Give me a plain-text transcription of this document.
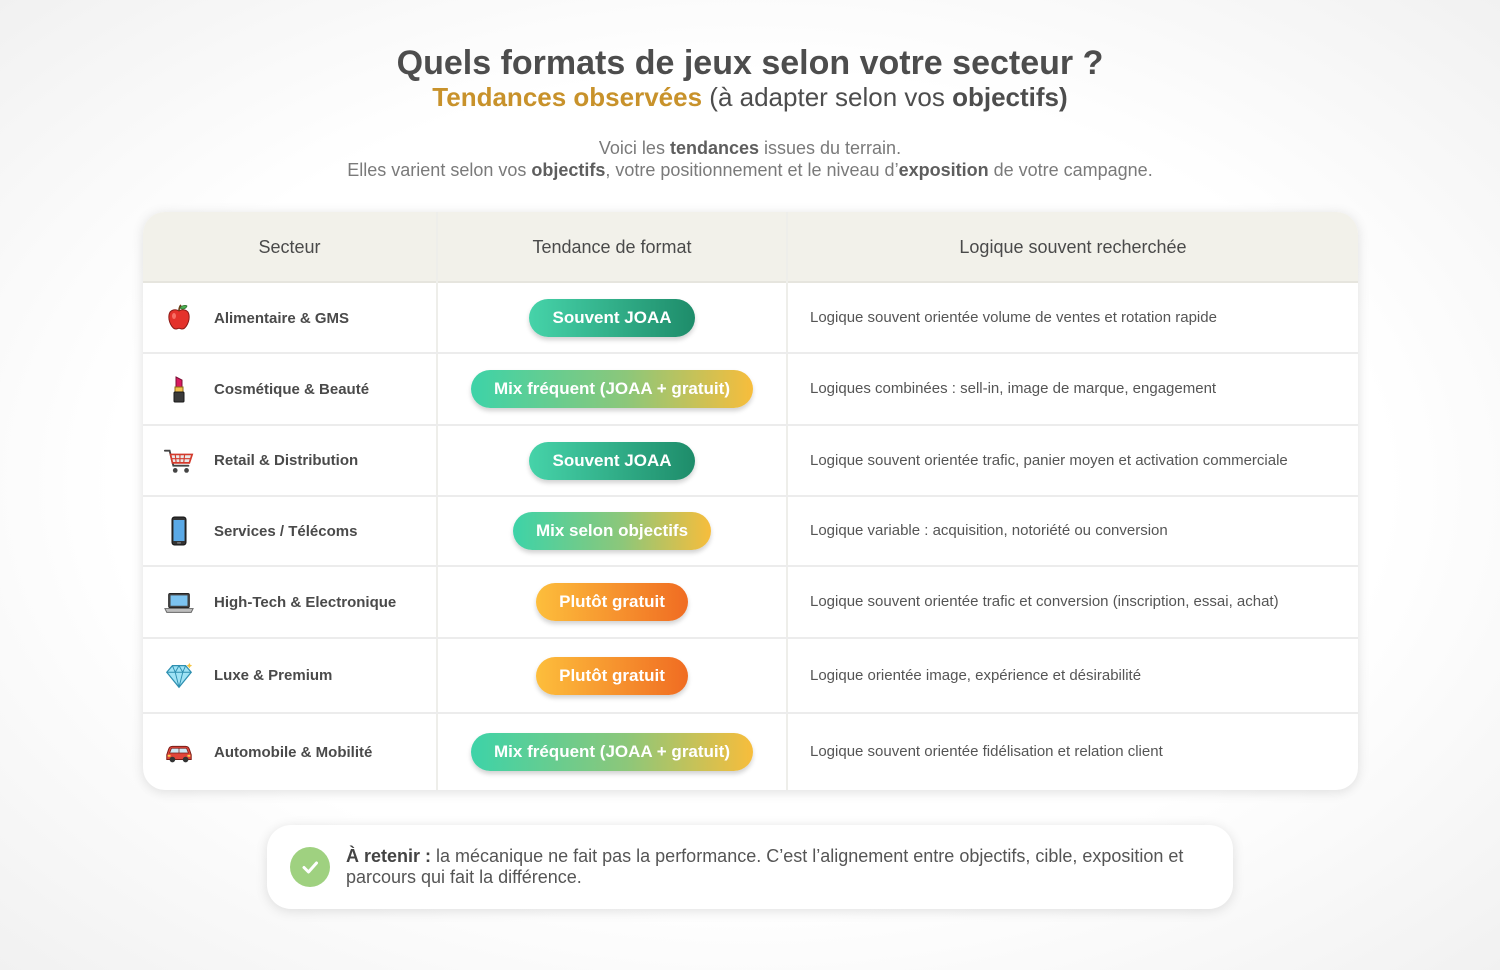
Quels formats de jeux selon votre secteur ?
Tendances observées (à adapter selon vos objectifs)
Voici les tendances issues du terrain.
Elles varient selon vos objectifs, votre positionnement et le niveau d’exposition de votre campagne.
Secteur	Tendance de format	Logique souvent recherchée
Alimentaire & GMS	Souvent JOAA	Logique souvent orientée volume de ventes et rotation rapide
Cosmétique & Beauté	Mix fréquent (JOAA + gratuit)	Logiques combinées : sell-in, image de marque, engagement
Retail & Distribution	Souvent JOAA	Logique souvent orientée trafic, panier moyen et activation commerciale
Services / Télécoms	Mix selon objectifs	Logique variable : acquisition, notoriété ou conversion
High-Tech & Electronique	Plutôt gratuit	Logique souvent orientée trafic et conversion (inscription, essai, achat)
Luxe & Premium	Plutôt gratuit	Logique orientée image, expérience et désirabilité
Automobile & Mobilité	Mix fréquent (JOAA + gratuit)	Logique souvent orientée fidélisation et relation client
À retenir : la mécanique ne fait pas la performance. C’est l’alignement entre objectifs, cible, exposition et parcours qui fait la différence.
